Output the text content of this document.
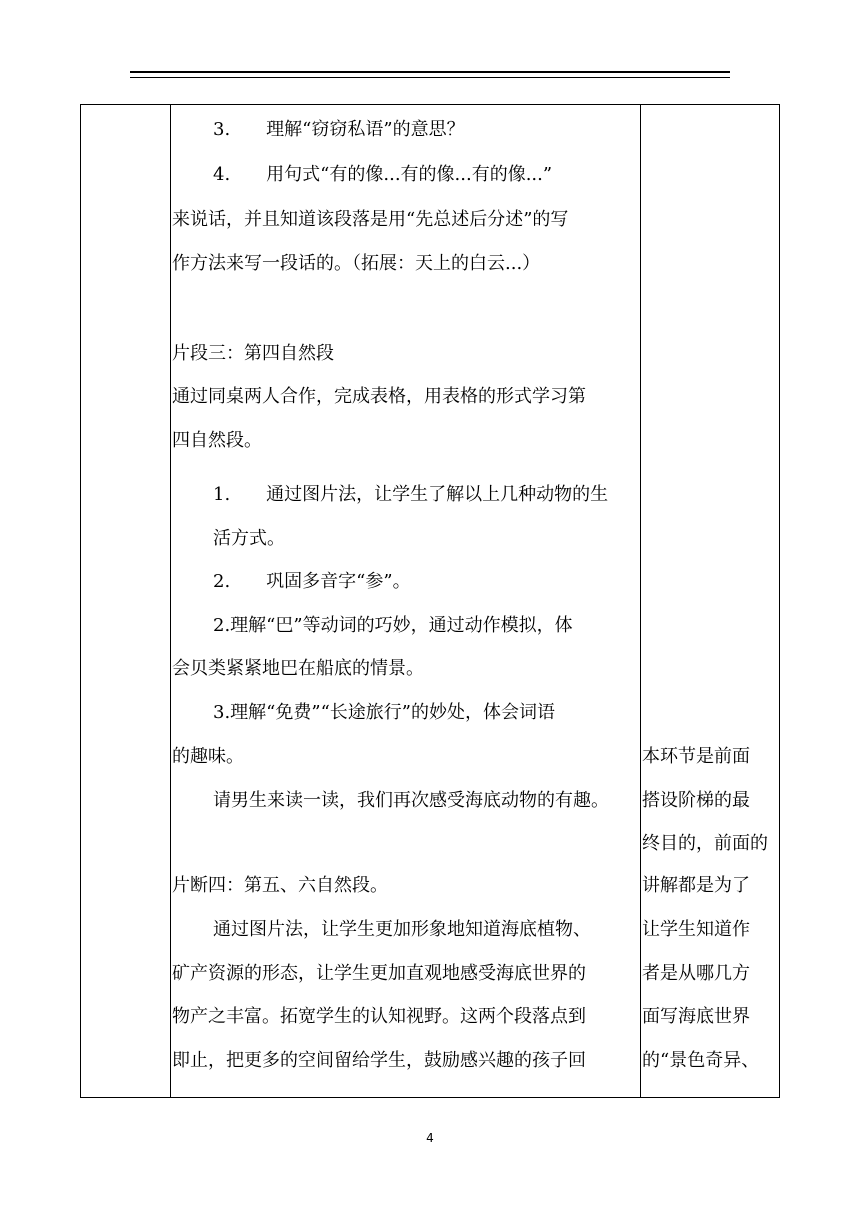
3.　　理解“窃窃私语”的意思？
4.　　用句式“有的像...有的像...有的像...”
来说话，并且知道该段落是用“先总述后分述”的写
作方法来写一段话的。（拓展：天上的白云...）
片段三：第四自然段
通过同桌两人合作，完成表格，用表格的形式学习第
四自然段。
1.　　通过图片法，让学生了解以上几种动物的生
活方式。
2.　　巩固多音字“参”。
2.理解“巴”等动词的巧妙，通过动作模拟，体
会贝类紧紧地巴在船底的情景。
3.理解“免费”“长途旅行”的妙处，体会词语
的趣味。
请男生来读一读，我们再次感受海底动物的有趣。
片断四：第五、六自然段。
通过图片法，让学生更加形象地知道海底植物、
矿产资源的形态，让学生更加直观地感受海底世界的
物产之丰富。拓宽学生的认知视野。这两个段落点到
即止，把更多的空间留给学生，鼓励感兴趣的孩子回
本环节是前面
搭设阶梯的最
终目的，前面的
讲解都是为了
让学生知道作
者是从哪几方
面写海底世界
的“景色奇异、
4
